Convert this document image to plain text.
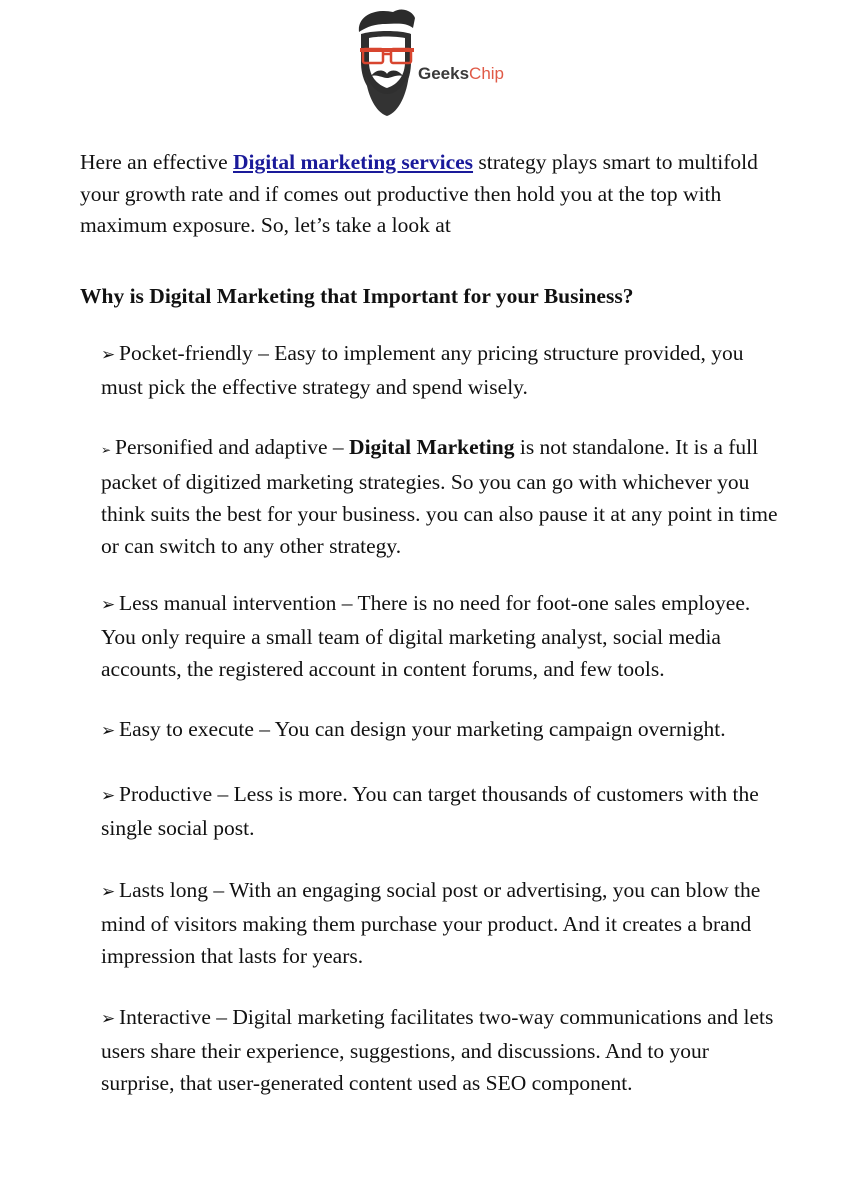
GeeksChip

Here an effective Digital marketing services strategy plays smart to multifold your growth rate and if comes out productive then hold you at the top with maximum exposure. So, let’s take a look at

Why is Digital Marketing that Important for your Business?

➢ Pocket-friendly – Easy to implement any pricing structure provided, you must pick the effective strategy and spend wisely.

➢ Personified and adaptive – Digital Marketing is not standalone. It is a full packet of digitized marketing strategies. So you can go with whichever you think suits the best for your business. you can also pause it at any point in time or can switch to any other strategy.

➢ Less manual intervention – There is no need for foot-one sales employee. You only require a small team of digital marketing analyst, social media accounts, the registered account in content forums, and few tools.

➢ Easy to execute – You can design your marketing campaign overnight.

➢ Productive – Less is more. You can target thousands of customers with the single social post.

➢ Lasts long – With an engaging social post or advertising, you can blow the mind of visitors making them purchase your product. And it creates a brand impression that lasts for years.

➢ Interactive – Digital marketing facilitates two-way communications and lets users share their experience, suggestions, and discussions. And to your surprise, that user-generated content used as SEO component.
